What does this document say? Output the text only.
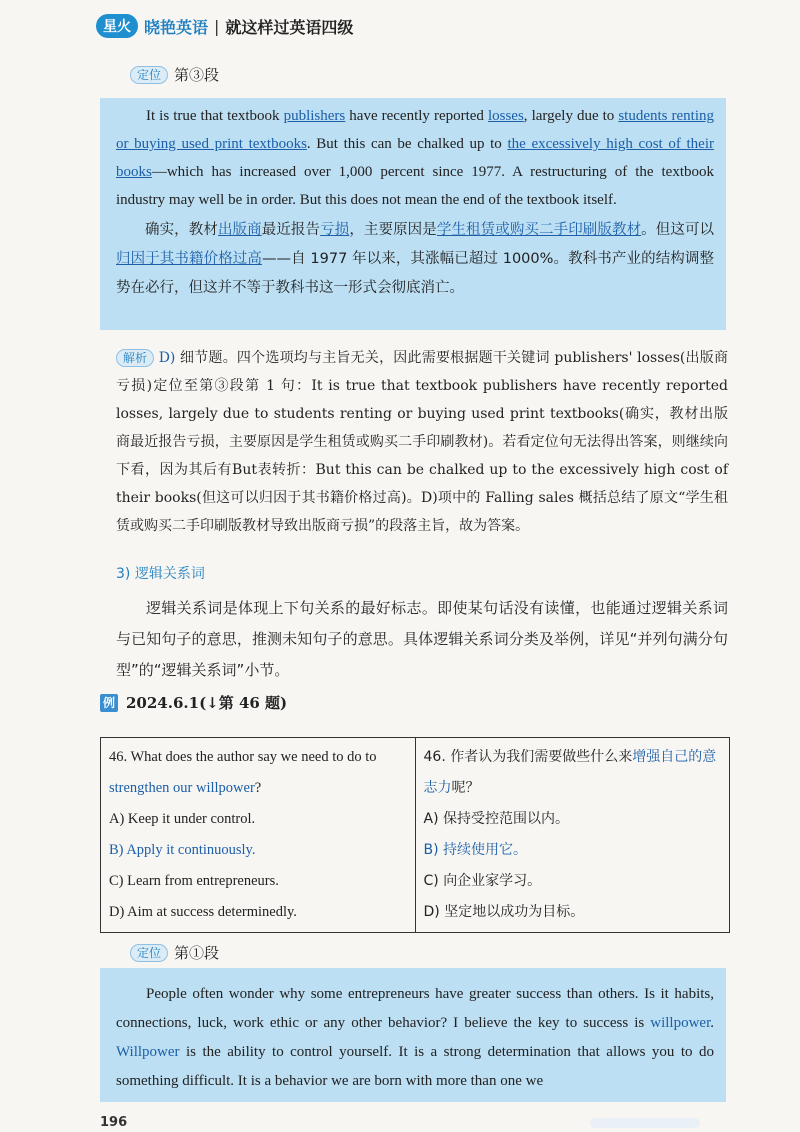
星火 晓艳英语 | 就这样过英语四级
定位 第③段

It is true that textbook publishers have recently reported losses, largely due to students renting or buying used print textbooks. But this can be chalked up to the excessively high cost of their books—which has increased over 1,000 percent since 1977. A restructuring of the textbook industry may well be in order. But this does not mean the end of the textbook itself.

确实，教材出版商最近报告亏损，主要原因是学生租赁或购买二手印刷版教材。但这可以归因于其书籍价格过高——自 1977 年以来，其涨幅已超过 1000%。教科书产业的结构调整势在必行，但这并不等于教科书这一形式会彻底消亡。

解析 D) 细节题。四个选项均与主旨无关，因此需要根据题干关键词 publishers' losses(出版商亏损)定位至第③段第 1 句：It is true that textbook publishers have recently reported losses, largely due to students renting or buying used print textbooks(确实，教材出版商最近报告亏损，主要原因是学生租赁或购买二手印刷教材)。若看定位句无法得出答案，则继续向下看，因为其后有But表转折：But this can be chalked up to the excessively high cost of their books(但这可以归因于其书籍价格过高)。D)项中的 Falling sales 概括总结了原文“学生租赁或购买二手印刷版教材导致出版商亏损”的段落主旨，故为答案。

3) 逻辑关系词

逻辑关系词是体现上下句关系的最好标志。即使某句话没有读懂，也能通过逻辑关系词与已知句子的意思，推测未知句子的意思。具体逻辑关系词分类及举例，详见“并列句满分句型”的“逻辑关系词”小节。

例 2024.6.1(↓第 46 题)
46. What does the author say we need to do to strengthen our willpower?
A) Keep it under control.
B) Apply it continuously.
C) Learn from entrepreneurs.
D) Aim at success determinedly.

46. 作者认为我们需要做些什么来增强自己的意志力呢？
A) 保持受控范围以内。
B) 持续使用它。
C) 向企业家学习。
D) 坚定地以成功为目标。
定位 第①段

People often wonder why some entrepreneurs have greater success than others. Is it habits, connections, luck, work ethic or any other behavior? I believe the key to success is willpower. Willpower is the ability to control yourself. It is a strong determination that allows you to do something difficult. It is a behavior we are born with more than one we

196
